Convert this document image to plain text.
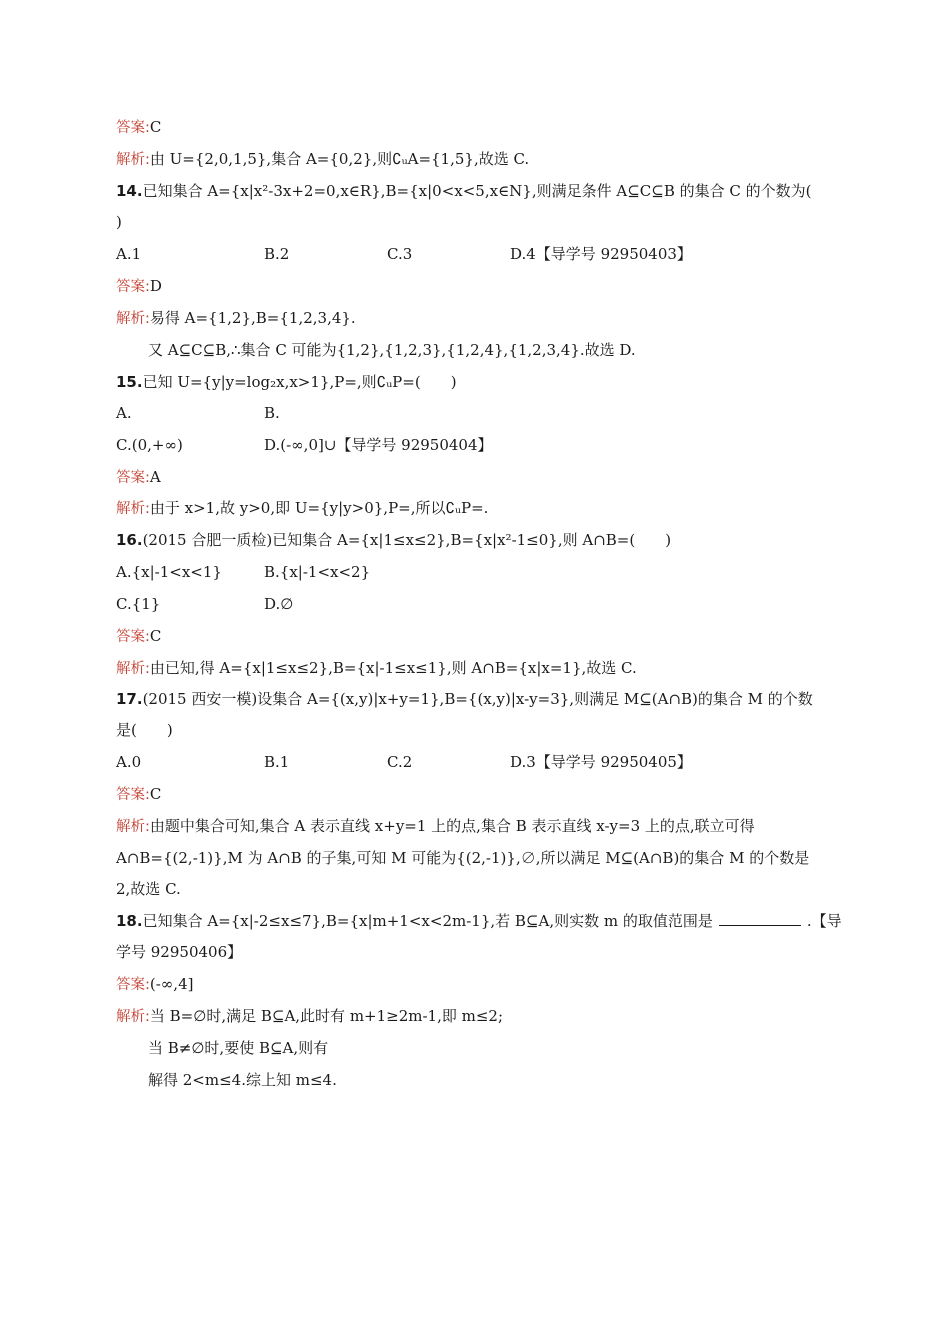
答案:C
解析:由 U={2,0,1,5},集合 A={0,2},则∁ᵤA={1,5},故选 C.
14.已知集合 A={x|x²-3x+2=0,x∈R},B={x|0<x<5,x∈N},则满足条件 A⊆C⊆B 的集合 C 的个数为(
)
A.1	B.2	C.3	D.4【导学号 92950403】
答案:D
解析:易得 A={1,2},B={1,2,3,4}.
又 A⊆C⊆B,∴集合 C 可能为{1,2},{1,2,3},{1,2,4},{1,2,3,4}.故选 D.
15.已知 U={y|y=log₂x,x>1},P=,则∁ᵤP=(　　)
A.	B.
C.(0,+∞)	D.(-∞,0]∪【导学号 92950404】
答案:A
解析:由于 x>1,故 y>0,即 U={y|y>0},P=,所以∁ᵤP=.
16.(2015 合肥一质检)已知集合 A={x|1≤x≤2},B={x|x²-1≤0},则 A∩B=(　　)
A.{x|-1<x<1}	B.{x|-1<x<2}
C.{1}	D.∅
答案:C
解析:由已知,得 A={x|1≤x≤2},B={x|-1≤x≤1},则 A∩B={x|x=1},故选 C.
17.(2015 西安一模)设集合 A={(x,y)|x+y=1},B={(x,y)|x-y=3},则满足 M⊆(A∩B)的集合 M 的个数
是(　　)
A.0	B.1	C.2	D.3【导学号 92950405】
答案:C
解析:由题中集合可知,集合 A 表示直线 x+y=1 上的点,集合 B 表示直线 x-y=3 上的点,联立可得
A∩B={(2,-1)},M 为 A∩B 的子集,可知 M 可能为{(2,-1)},∅,所以满足 M⊆(A∩B)的集合 M 的个数是
2,故选 C.
18.已知集合 A={x|-2≤x≤7},B={x|m+1<x<2m-1},若 B⊆A,则实数 m 的取值范围是	.【导
学号 92950406】
答案:(-∞,4]
解析:当 B=∅时,满足 B⊆A,此时有 m+1≥2m-1,即 m≤2;
当 B≠∅时,要使 B⊆A,则有
解得 2<m≤4.综上知 m≤4.
